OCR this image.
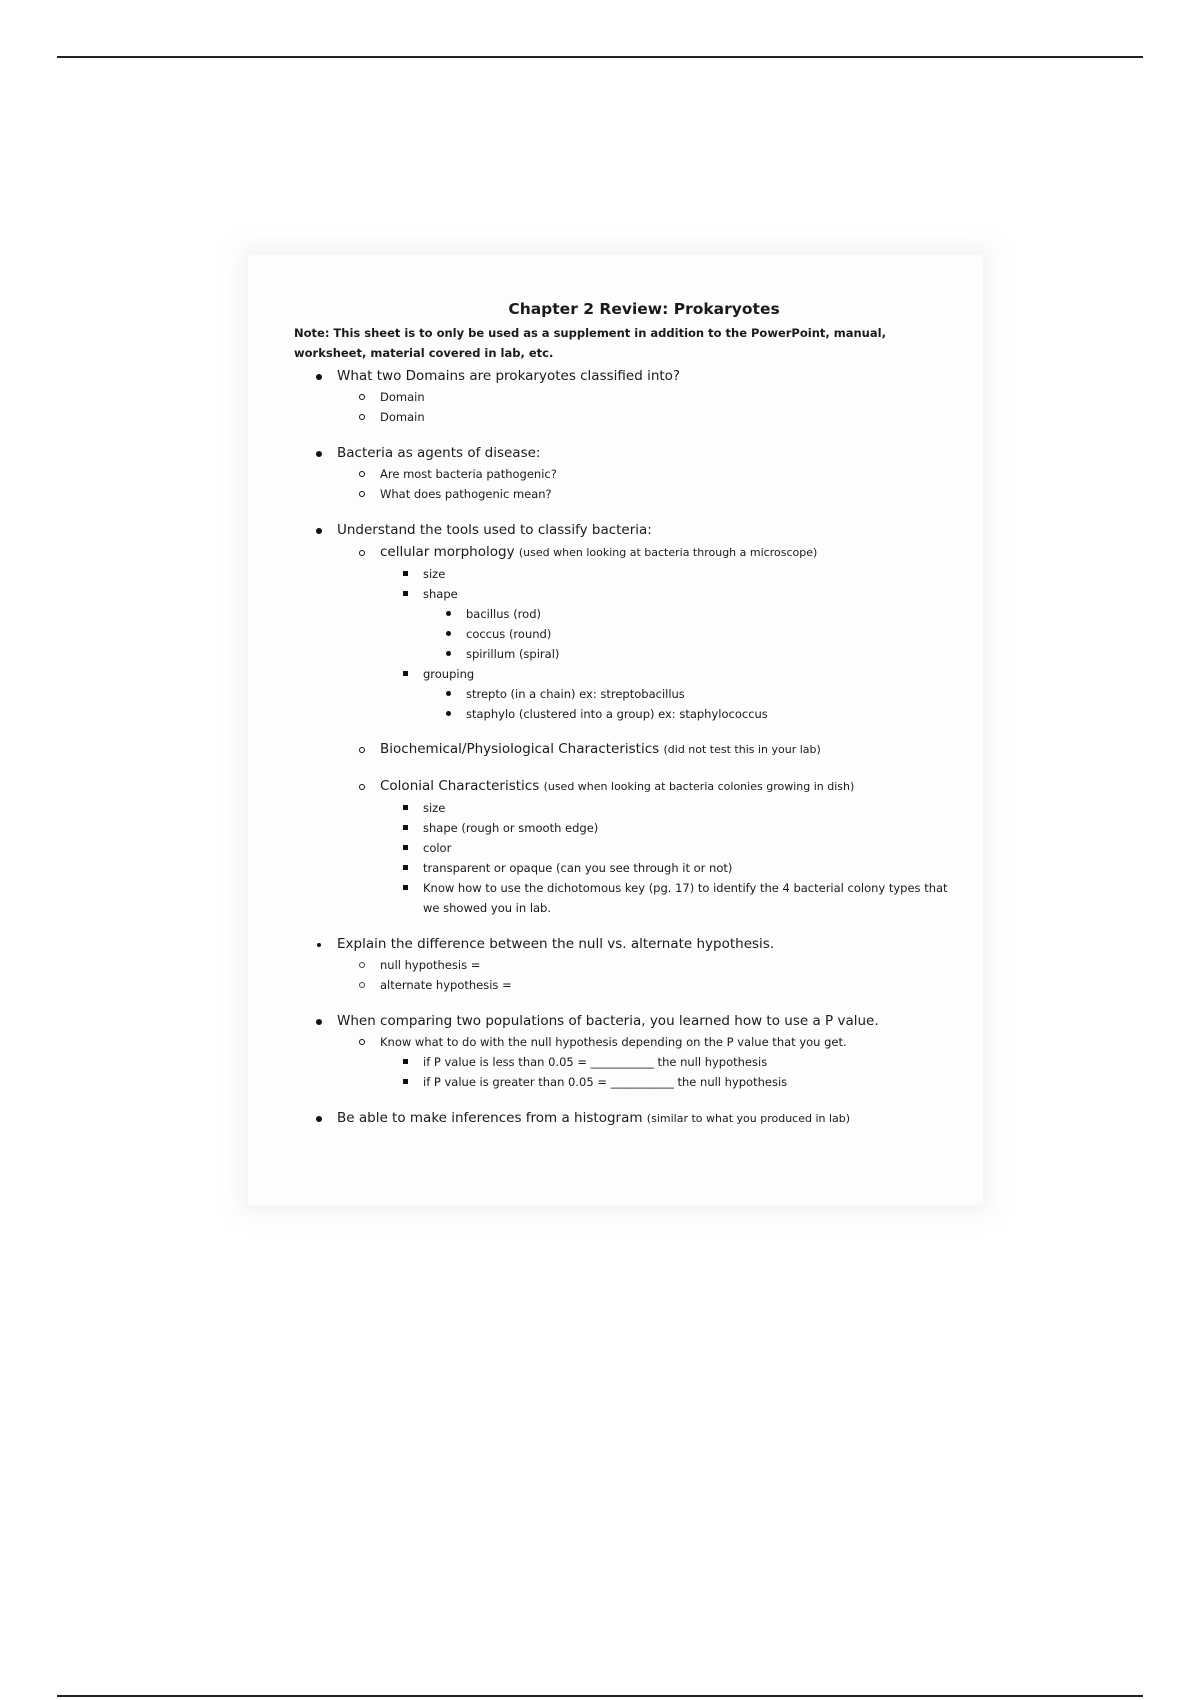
Chapter 2 Review: Prokaryotes
Note: This sheet is to only be used as a supplement in addition to the PowerPoint, manual, worksheet, material covered in lab, etc.
What two Domains are prokaryotes classified into?
Domain
Domain
Bacteria as agents of disease:
Are most bacteria pathogenic?
What does pathogenic mean?
Understand the tools used to classify bacteria:
cellular morphology (used when looking at bacteria through a microscope)
size
shape
bacillus (rod)
coccus (round)
spirillum (spiral)
grouping
strepto (in a chain) ex: streptobacillus
staphylo (clustered into a group) ex: staphylococcus
Biochemical/Physiological Characteristics (did not test this in your lab)
Colonial Characteristics (used when looking at bacteria colonies growing in dish)
size
shape (rough or smooth edge)
color
transparent or opaque (can you see through it or not)
Know how to use the dichotomous key (pg. 17) to identify the 4 bacterial colony types that we showed you in lab.
Explain the difference between the null vs. alternate hypothesis.
null hypothesis =
alternate hypothesis =
When comparing two populations of bacteria, you learned how to use a P value.
Know what to do with the null hypothesis depending on the P value that you get.
if P value is less than 0.05 = ___________ the null hypothesis
if P value is greater than 0.05 = ___________ the null hypothesis
Be able to make inferences from a histogram (similar to what you produced in lab)
